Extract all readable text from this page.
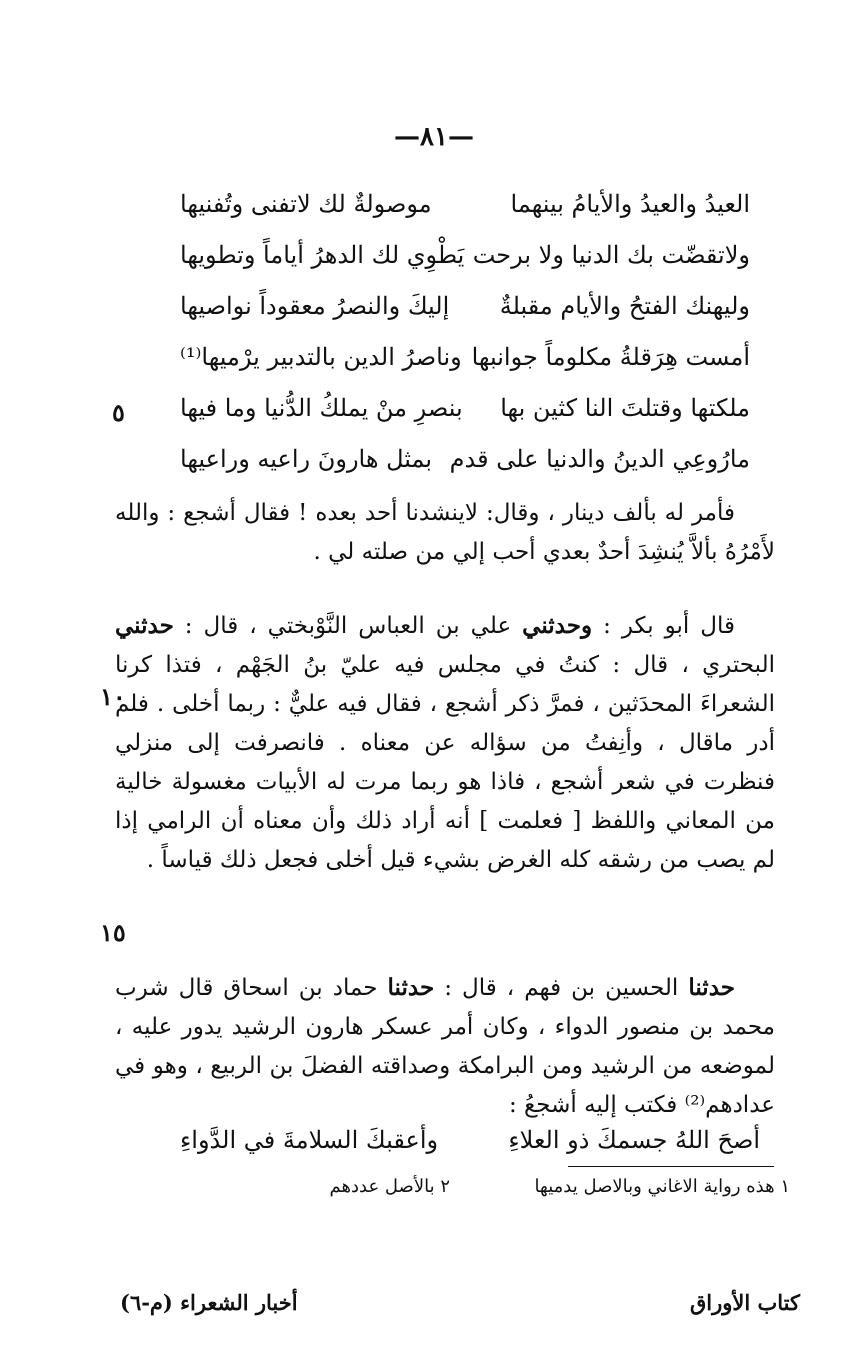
—٨١—
العيدُ والعيدُ والأيامُ بينهما
موصولةٌ لك لاتفنى وتُفنيها
ولاتقضّت بك الدنيا ولا برحت
يَطْوِي لك الدهرُ أياماً وتطويها
وليهنك الفتحُ والأيام مقبلةٌ
إليكَ والنصرُ معقوداً نواصيها
أمست هِرَقلةُ مكلوماً جوانبها
وناصرُ الدين بالتدبير يرْميها⁽¹⁾
ملكتها وقتلتَ النا كثين بها
بنصرِ منْ يملكُ الدُّنيا وما فيها
مارُوعِي الدينُ والدنيا على قدم
بمثل هارونَ راعيه وراعيها
٥
١٠
١٥

فأمر له بألف دينار ، وقال: لاينشدنا أحد بعده ! فقال أشجع : والله لأَمْرُهُ بألاَّ يُنشِدَ أحدٌ بعدي أحب إلي من صلته لي .

قال أبو بكر : وحدثني علي بن العباس النَّوْبختي ، قال : حدثني البحتري ، قال : كنتُ في مجلس فيه عليّ بنُ الجَهْم ، فتذا كرنا الشعراءَ المحدَثين ، فمرَّ ذكر أشجع ، فقال فيه عليٌّ : ربما أخلى . فلم أدر ماقال ، وأنِفتُ من سؤاله عن معناه . فانصرفت إلى منزلي فنظرت في شعر أشجع ، فاذا هو ربما مرت له الأبيات مغسولة خالية من المعاني واللفظ [ فعلمت ] أنه أراد ذلك وأن معناه أن الرامي إذا لم يصب من رشقه كله الغرض بشيء قيل أخلى فجعل ذلك قياساً .

حدثنا الحسين بن فهم ، قال : حدثنا حماد بن اسحاق قال شرب محمد بن منصور الدواء ، وكان أمر عسكر هارون الرشيد يدور عليه ، لموضعه من الرشيد ومن البرامكة وصداقته الفضلَ بن الربيع ، وهو في عدادهم⁽²⁾ فكتب إليه أشجعُ :

أصحَ اللهُ جسمكَ ذو العلاءِ
وأعقبكَ السلامةَ في الدَّواءِ
١ هذه رواية الاغاني وبالاصل يدميها
٢ بالأصل عددهم
كتاب الأوراق
أخبار الشعراء (م-٦)
